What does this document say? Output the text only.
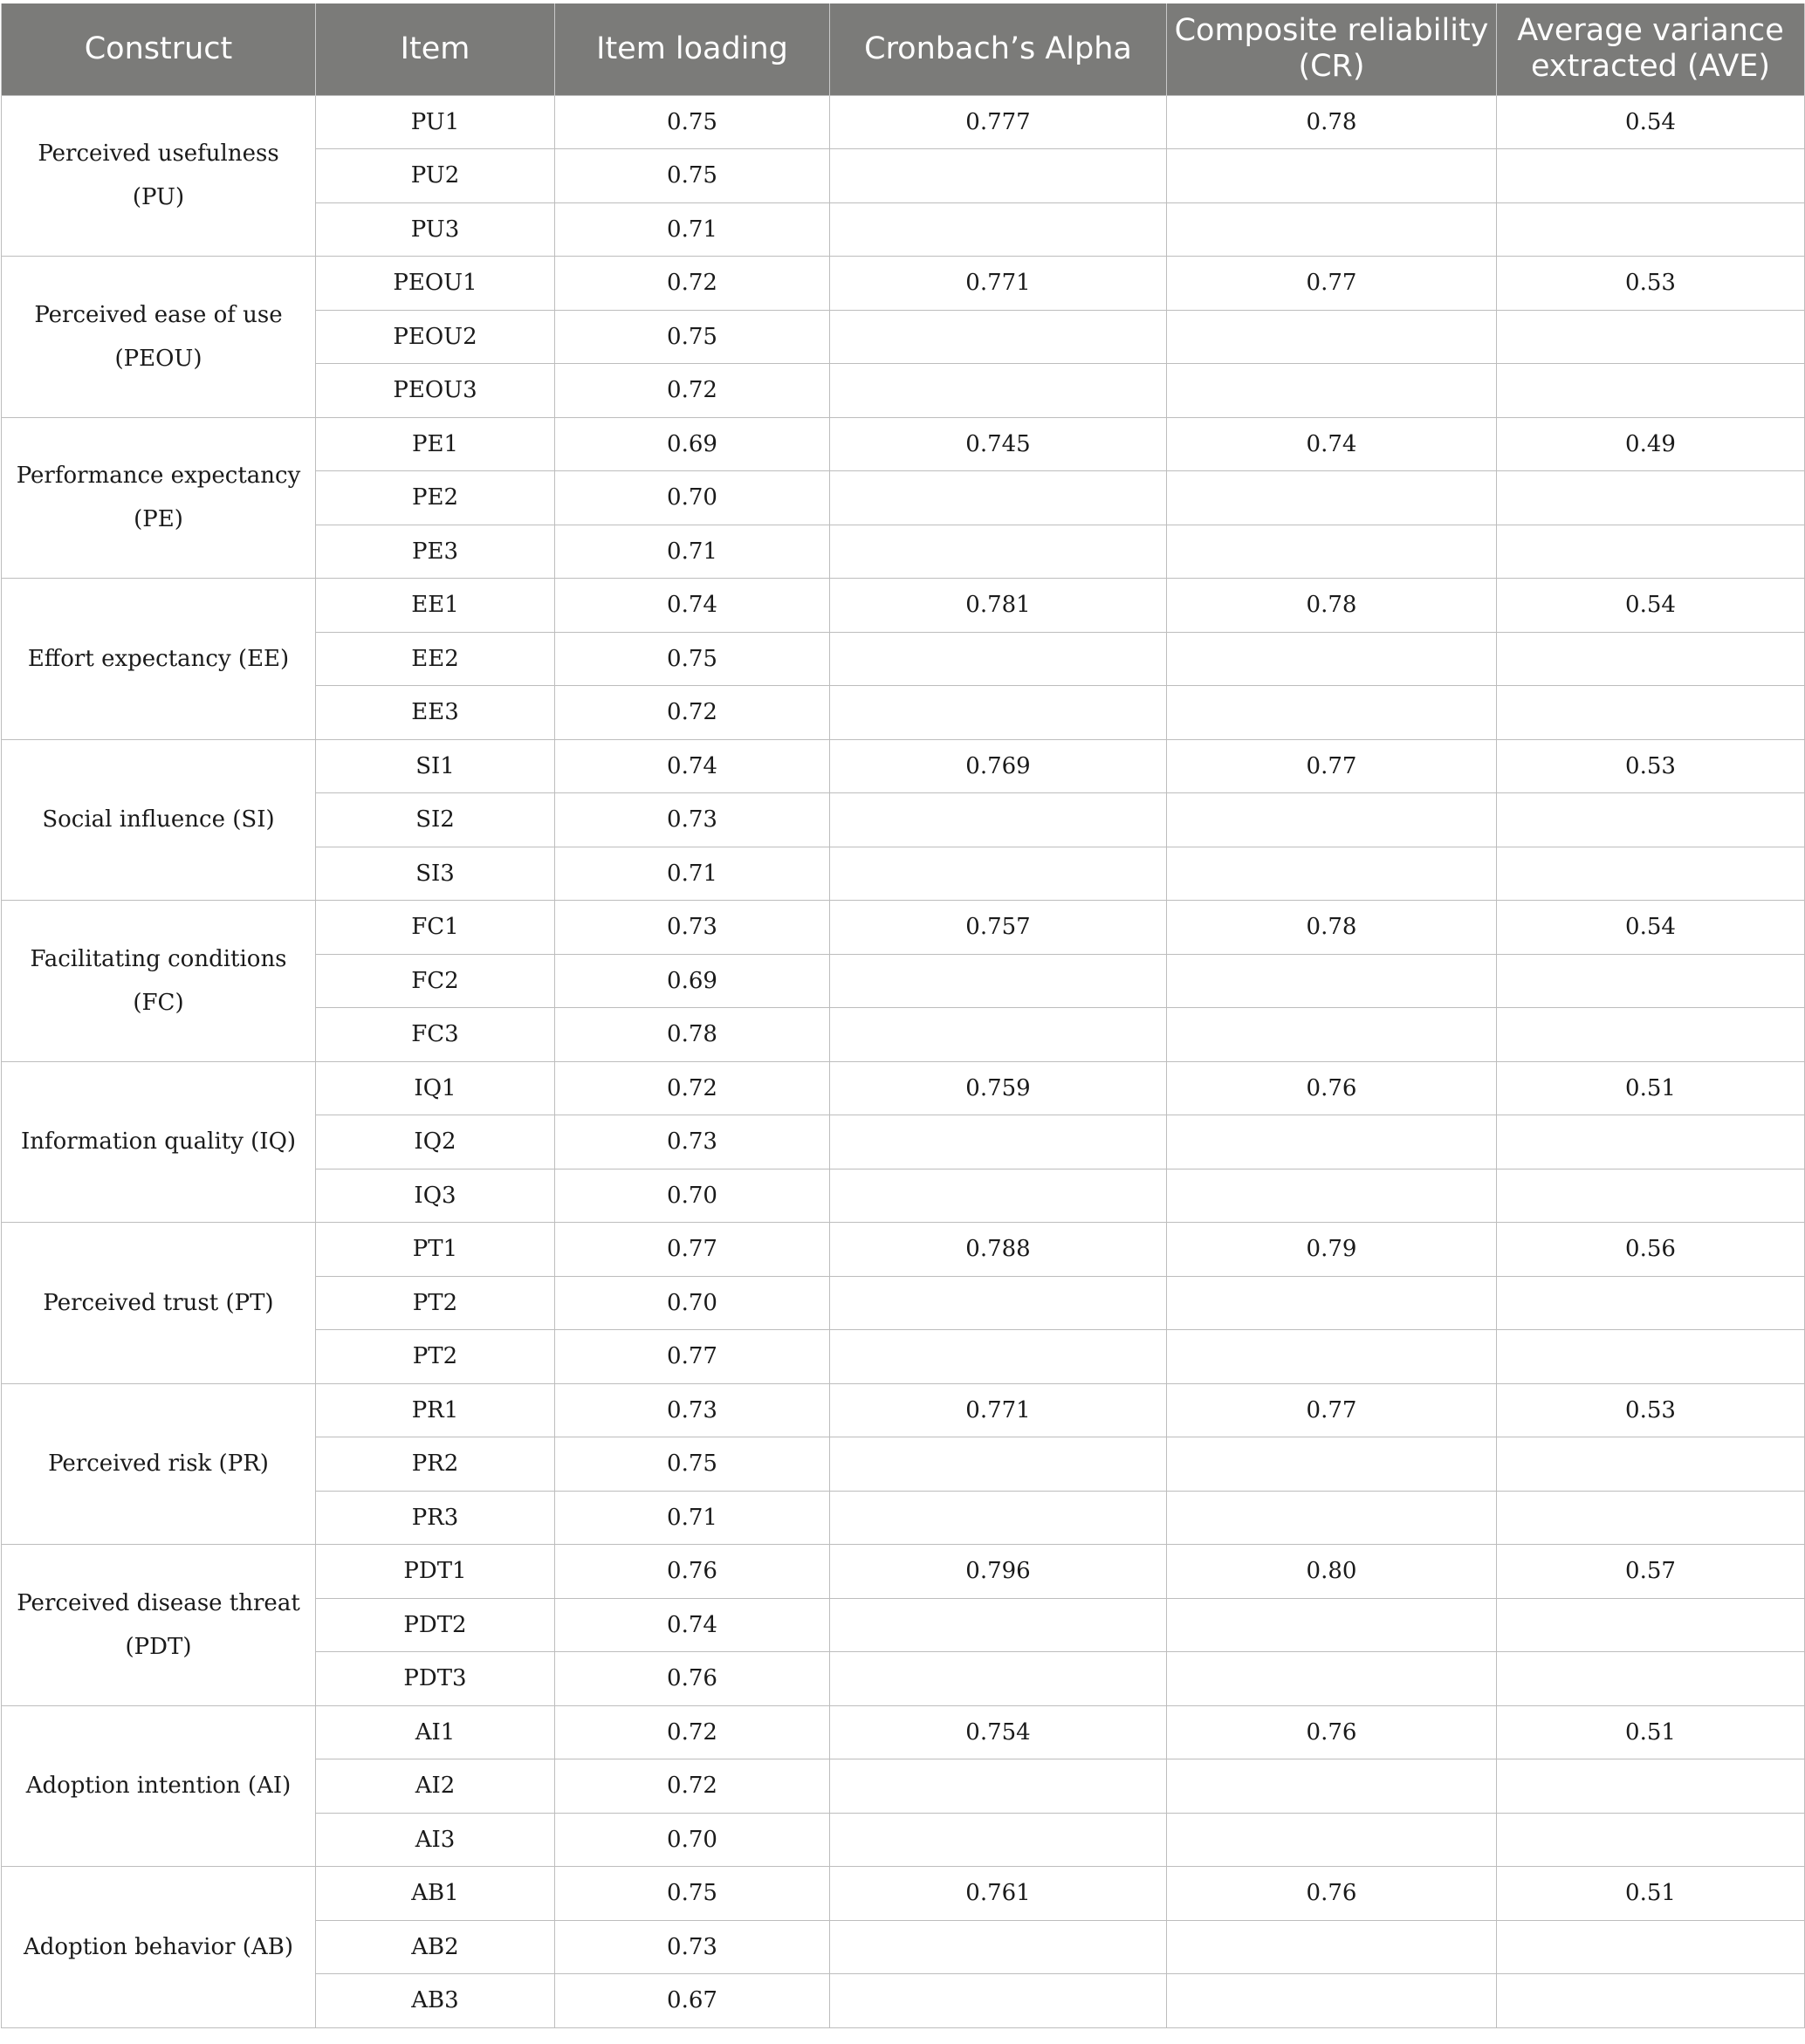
Construct	Item	Item loading	Cronbach’s Alpha	Composite reliability (CR)	Average variance extracted (AVE)
Perceived usefulness (PU)	PU1	0.75	0.777	0.78	0.54
	PU2	0.75			
	PU3	0.71			
Perceived ease of use (PEOU)	PEOU1	0.72	0.771	0.77	0.53
	PEOU2	0.75			
	PEOU3	0.72			
Performance expectancy (PE)	PE1	0.69	0.745	0.74	0.49
	PE2	0.70			
	PE3	0.71			
Effort expectancy (EE)	EE1	0.74	0.781	0.78	0.54
	EE2	0.75			
	EE3	0.72			
Social influence (SI)	SI1	0.74	0.769	0.77	0.53
	SI2	0.73			
	SI3	0.71			
Facilitating conditions (FC)	FC1	0.73	0.757	0.78	0.54
	FC2	0.69			
	FC3	0.78			
Information quality (IQ)	IQ1	0.72	0.759	0.76	0.51
	IQ2	0.73			
	IQ3	0.70			
Perceived trust (PT)	PT1	0.77	0.788	0.79	0.56
	PT2	0.70			
	PT2	0.77			
Perceived risk (PR)	PR1	0.73	0.771	0.77	0.53
	PR2	0.75			
	PR3	0.71			
Perceived disease threat (PDT)	PDT1	0.76	0.796	0.80	0.57
	PDT2	0.74			
	PDT3	0.76			
Adoption intention (AI)	AI1	0.72	0.754	0.76	0.51
	AI2	0.72			
	AI3	0.70			
Adoption behavior (AB)	AB1	0.75	0.761	0.76	0.51
	AB2	0.73			
	AB3	0.67			
